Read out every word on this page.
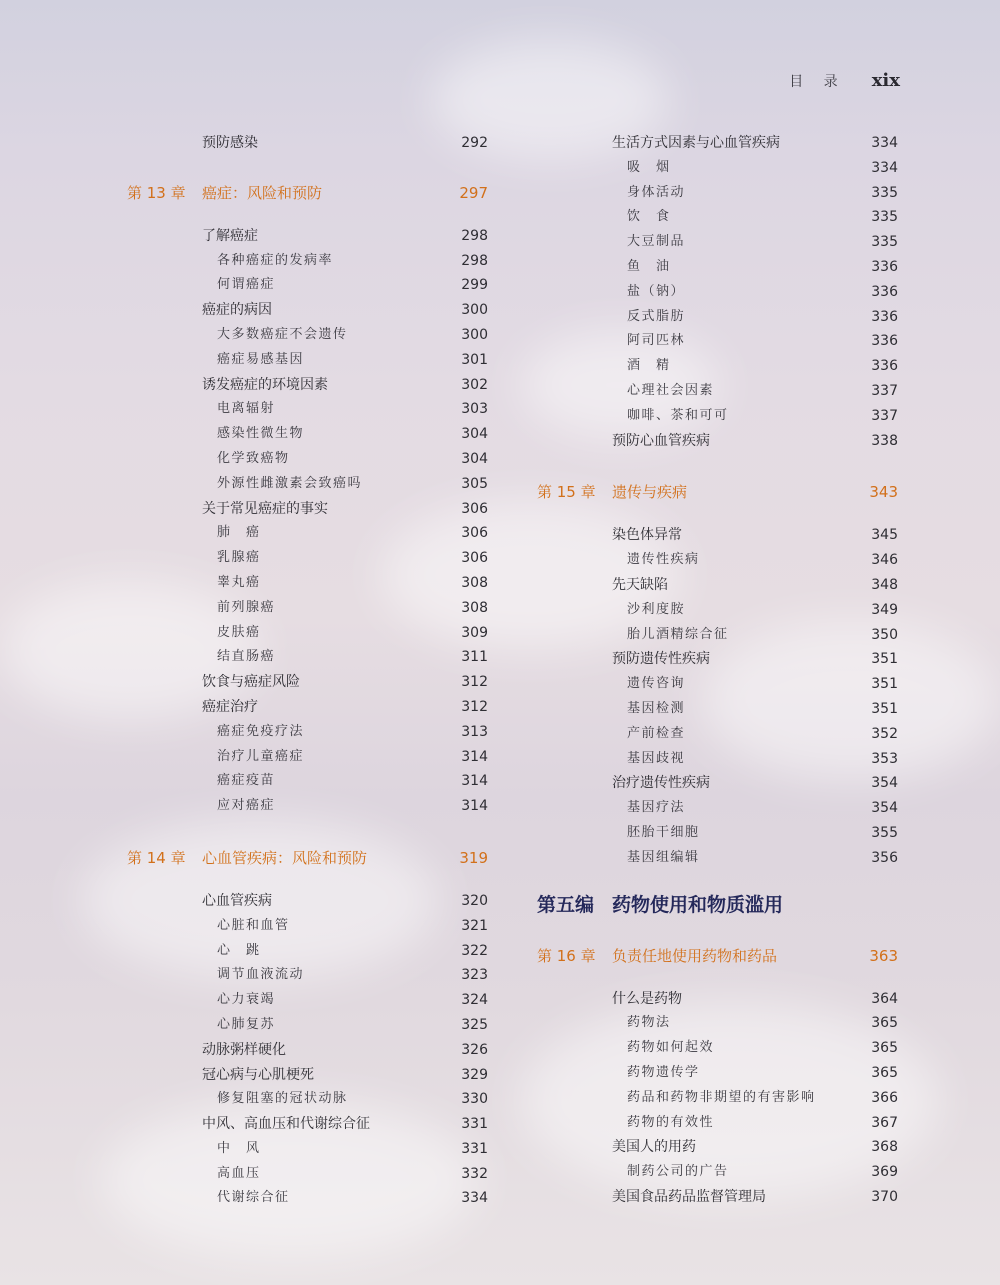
目 录 xix
预防感染	292
第 13 章 癌症：风险和预防	297
了解癌症	298
各种癌症的发病率	298
何谓癌症	299
癌症的病因	300
大多数癌症不会遗传	300
癌症易感基因	301
诱发癌症的环境因素	302
电离辐射	303
感染性微生物	304
化学致癌物	304
外源性雌激素会致癌吗	305
关于常见癌症的事实	306
肺　癌	306
乳腺癌	306
睾丸癌	308
前列腺癌	308
皮肤癌	309
结直肠癌	311
饮食与癌症风险	312
癌症治疗	312
癌症免疫疗法	313
治疗儿童癌症	314
癌症疫苗	314
应对癌症	314
第 14 章 心血管疾病：风险和预防	319
心血管疾病	320
心脏和血管	321
心　跳	322
调节血液流动	323
心力衰竭	324
心肺复苏	325
动脉粥样硬化	326
冠心病与心肌梗死	329
修复阻塞的冠状动脉	330
中风、高血压和代谢综合征	331
中　风	331
高血压	332
代谢综合征	334
生活方式因素与心血管疾病	334
吸　烟	334
身体活动	335
饮　食	335
大豆制品	335
鱼　油	336
盐（钠）	336
反式脂肪	336
阿司匹林	336
酒　精	336
心理社会因素	337
咖啡、茶和可可	337
预防心血管疾病	338
第 15 章 遗传与疾病	343
染色体异常	345
遗传性疾病	346
先天缺陷	348
沙利度胺	349
胎儿酒精综合征	350
预防遗传性疾病	351
遗传咨询	351
基因检测	351
产前检查	352
基因歧视	353
治疗遗传性疾病	354
基因疗法	354
胚胎干细胞	355
基因组编辑	356
第五编 药物使用和物质滥用
第 16 章 负责任地使用药物和药品	363
什么是药物	364
药物法	365
药物如何起效	365
药物遗传学	365
药品和药物非期望的有害影响	366
药物的有效性	367
美国人的用药	368
制药公司的广告	369
美国食品药品监督管理局	370
